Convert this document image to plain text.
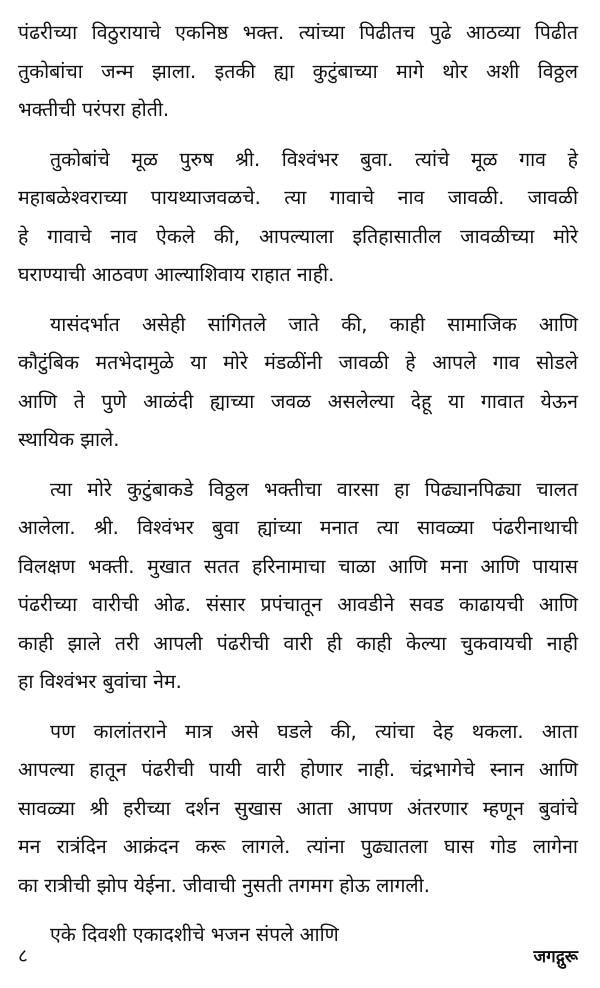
पंढरीच्या विठुरायाचे एकनिष्ठ भक्त. त्यांच्या पिढीतच पुढे आठव्या पिढीत
तुकोबांचा जन्म झाला. इतकी ह्या कुटुंबाच्या मागे थोर अशी विठ्ठल
भक्तीची परंपरा होती.

तुकोबांचे मूळ पुरुष श्री. विश्वंभर बुवा. त्यांचे मूळ गाव हे
महाबळेश्वराच्या पायथ्याजवळचे. त्या गावाचे नाव जावळी. जावळी
हे गावाचे नाव ऐकले की, आपल्याला इतिहासातील जावळीच्या मोरे
घराण्याची आठवण आल्याशिवाय राहात नाही.

यासंदर्भात असेही सांगितले जाते की, काही सामाजिक आणि
कौटुंबिक मतभेदामुळे या मोरे मंडळींनी जावळी हे आपले गाव सोडले
आणि ते पुणे आळंदी ह्याच्या जवळ असलेल्या देहू या गावात येऊन
स्थायिक झाले.

त्या मोरे कुटुंबाकडे विठ्ठल भक्तीचा वारसा हा पिढ्यानपिढ्या चालत
आलेला. श्री. विश्वंभर बुवा ह्यांच्या मनात त्या सावळ्या पंढरीनाथाची
विलक्षण भक्ती. मुखात सतत हरिनामाचा चाळा आणि मना आणि पायास
पंढरीच्या वारीची ओढ. संसार प्रपंचातून आवडीने सवड काढायची आणि
काही झाले तरी आपली पंढरीची वारी ही काही केल्या चुकवायची नाही
हा विश्वंभर बुवांचा नेम.

पण कालांतराने मात्र असे घडले की, त्यांचा देह थकला. आता
आपल्या हातून पंढरीची पायी वारी होणार नाही. चंद्रभागेचे स्नान आणि
सावळ्या श्री हरीच्या दर्शन सुखास आता आपण अंतरणार म्हणून बुवांचे
मन रात्रंदिन आक्रंदन करू लागले. त्यांना पुढ्यातला घास गोड लागेना
का रात्रीची झोप येईना. जीवाची नुसती तगमग होऊ लागली.

एके दिवशी एकादशीचे भजन संपले आणि

८	जगद्गुरू
